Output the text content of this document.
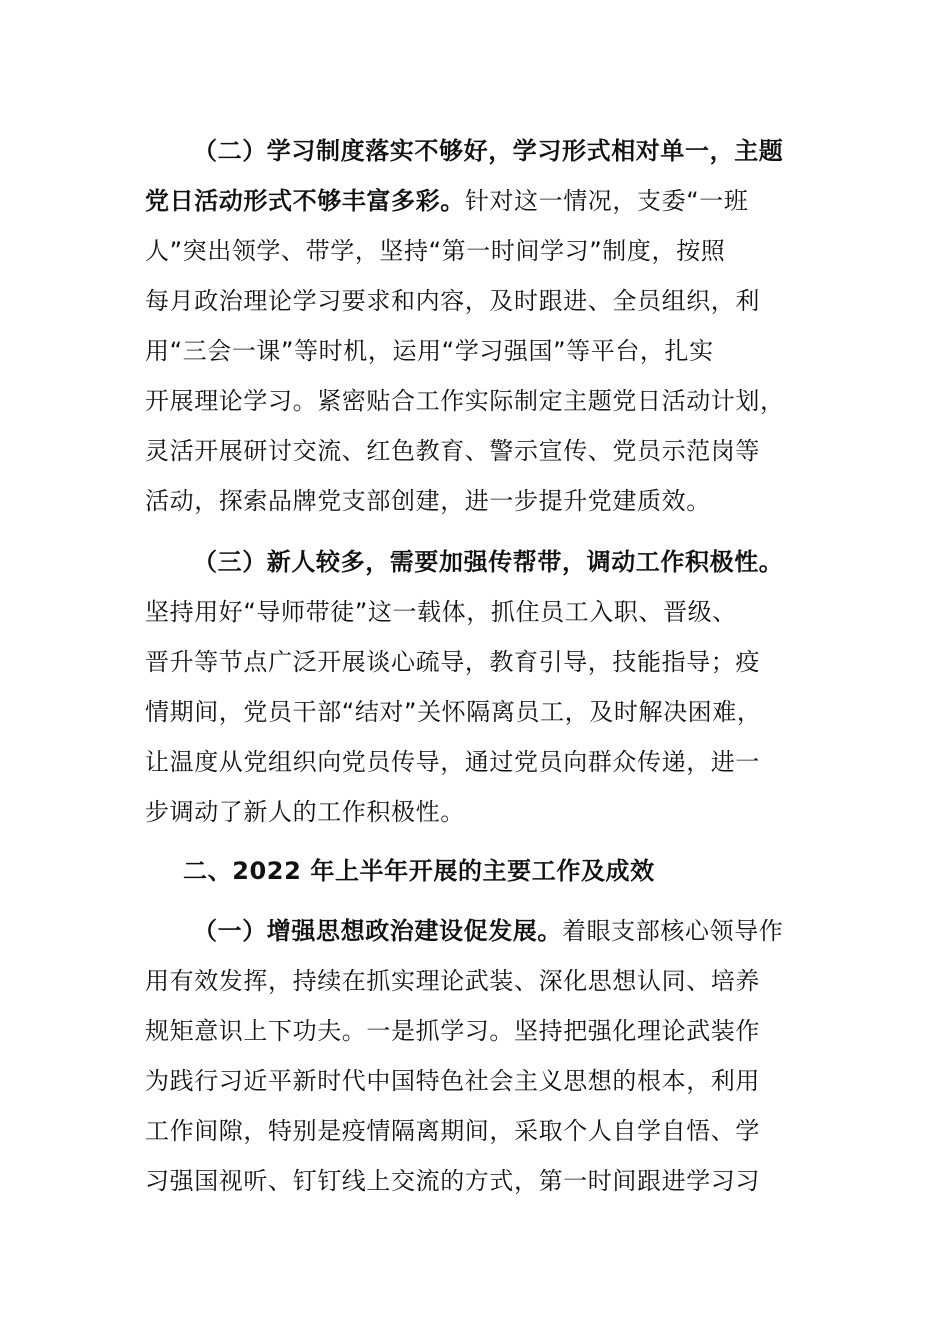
（二）学习制度落实不够好，学习形式相对单一，主题
党日活动形式不够丰富多彩。针对这一情况，支委“一班
人”突出领学、带学，坚持“第一时间学习”制度，按照
每月政治理论学习要求和内容，及时跟进、全员组织，利
用“三会一课”等时机，运用“学习强国”等平台，扎实
开展理论学习。紧密贴合工作实际制定主题党日活动计划，
灵活开展研讨交流、红色教育、警示宣传、党员示范岗等
活动，探索品牌党支部创建，进一步提升党建质效。
（三）新人较多，需要加强传帮带，调动工作积极性。
坚持用好“导师带徒”这一载体，抓住员工入职、晋级、
晋升等节点广泛开展谈心疏导，教育引导，技能指导；疫
情期间，党员干部“结对”关怀隔离员工，及时解决困难，
让温度从党组织向党员传导，通过党员向群众传递，进一
步调动了新人的工作积极性。
二、2022 年上半年开展的主要工作及成效
（一）增强思想政治建设促发展。着眼支部核心领导作
用有效发挥，持续在抓实理论武装、深化思想认同、培养
规矩意识上下功夫。一是抓学习。坚持把强化理论武装作
为践行习近平新时代中国特色社会主义思想的根本，利用
工作间隙，特别是疫情隔离期间，采取个人自学自悟、学
习强国视听、钉钉线上交流的方式，第一时间跟进学习习
